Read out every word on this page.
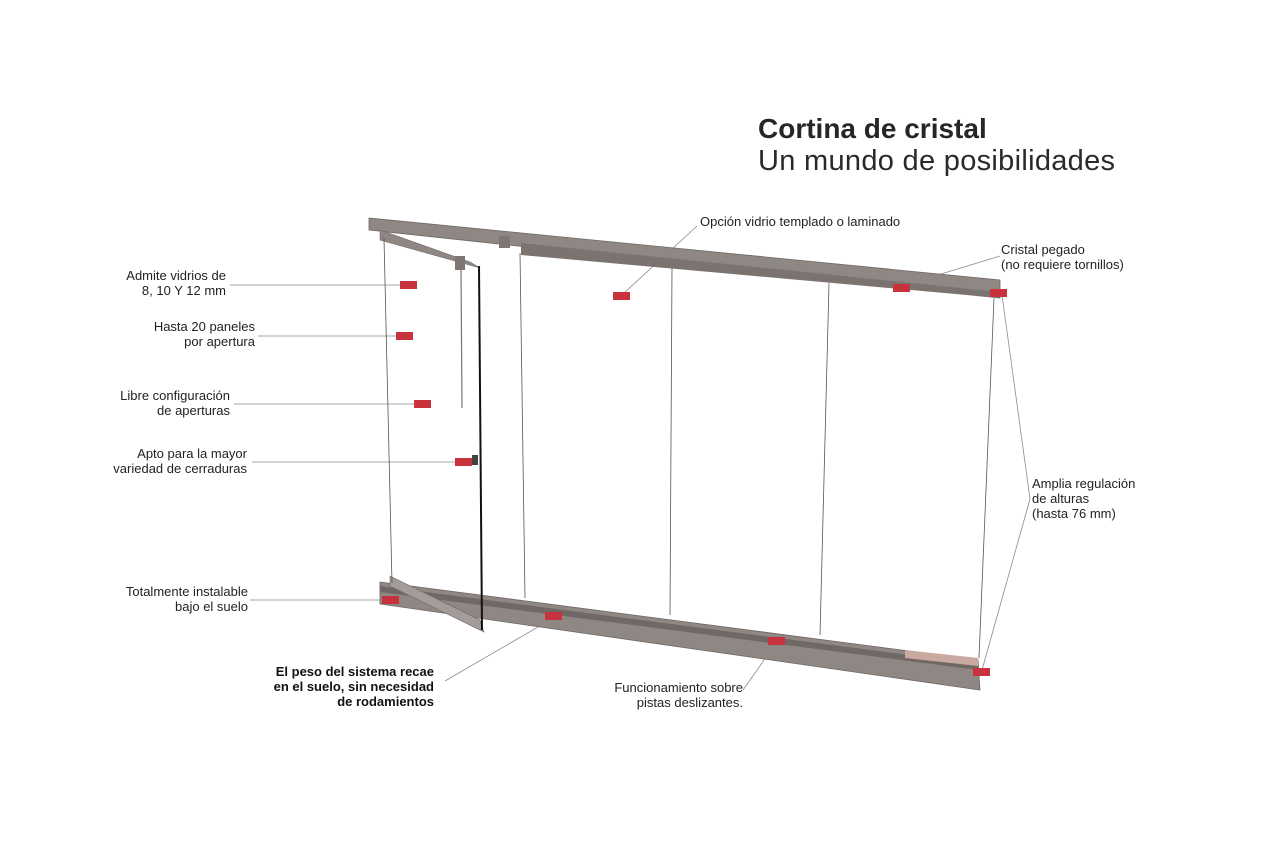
Cortina de cristal
Un mundo de posibilidades
Admite vidrios de
8, 10 Y 12 mm
Hasta 20 paneles
por apertura
Libre configuración
de aperturas
Apto para la mayor
variedad de cerraduras
Totalmente instalable
bajo el suelo
El peso del sistema recae
en el suelo, sin necesidad
de rodamientos
Funcionamiento sobre
pistas deslizantes.
Opción vidrio templado o laminado
Cristal pegado
(no requiere tornillos)
Amplia regulación
de alturas
(hasta 76 mm)
